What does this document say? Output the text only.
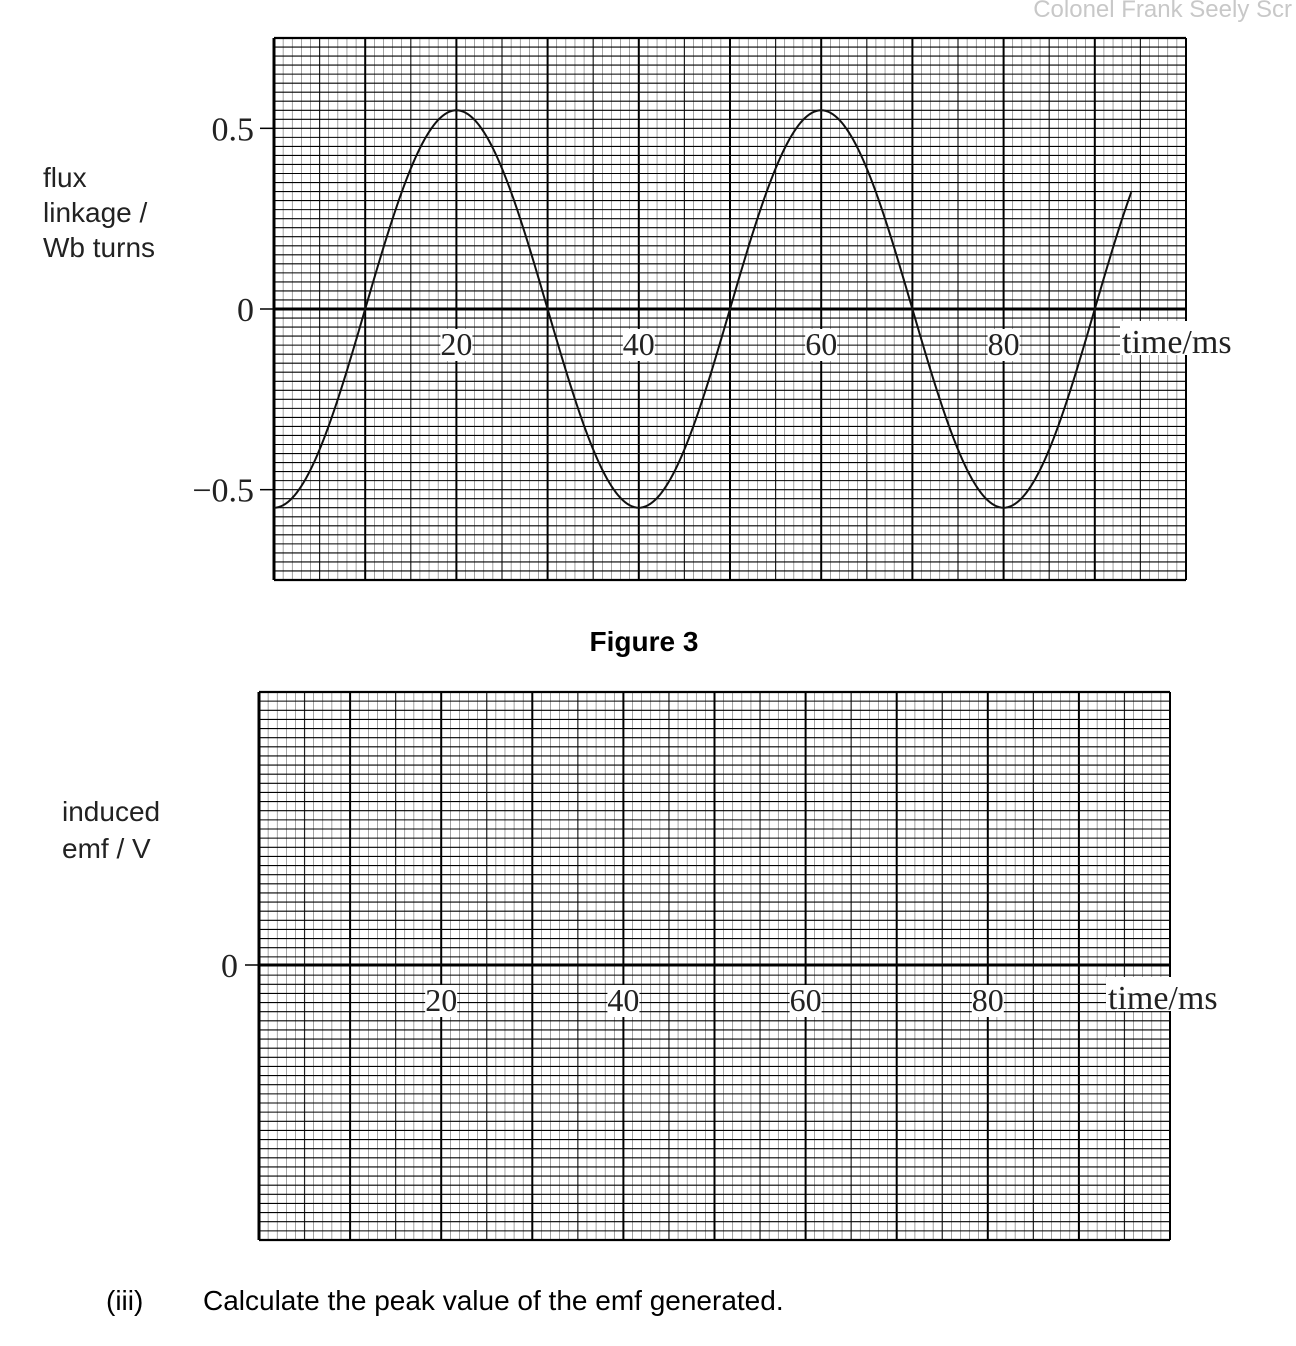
Colonel Frank Seely Scr
20	40	60	80
0.5
0
−0.5
time/ms
flux
linkage /
Wb turns
Figure 3
20	40	60	80
0
time/ms
induced
emf / V
(iii) Calculate the peak value of the emf generated.
